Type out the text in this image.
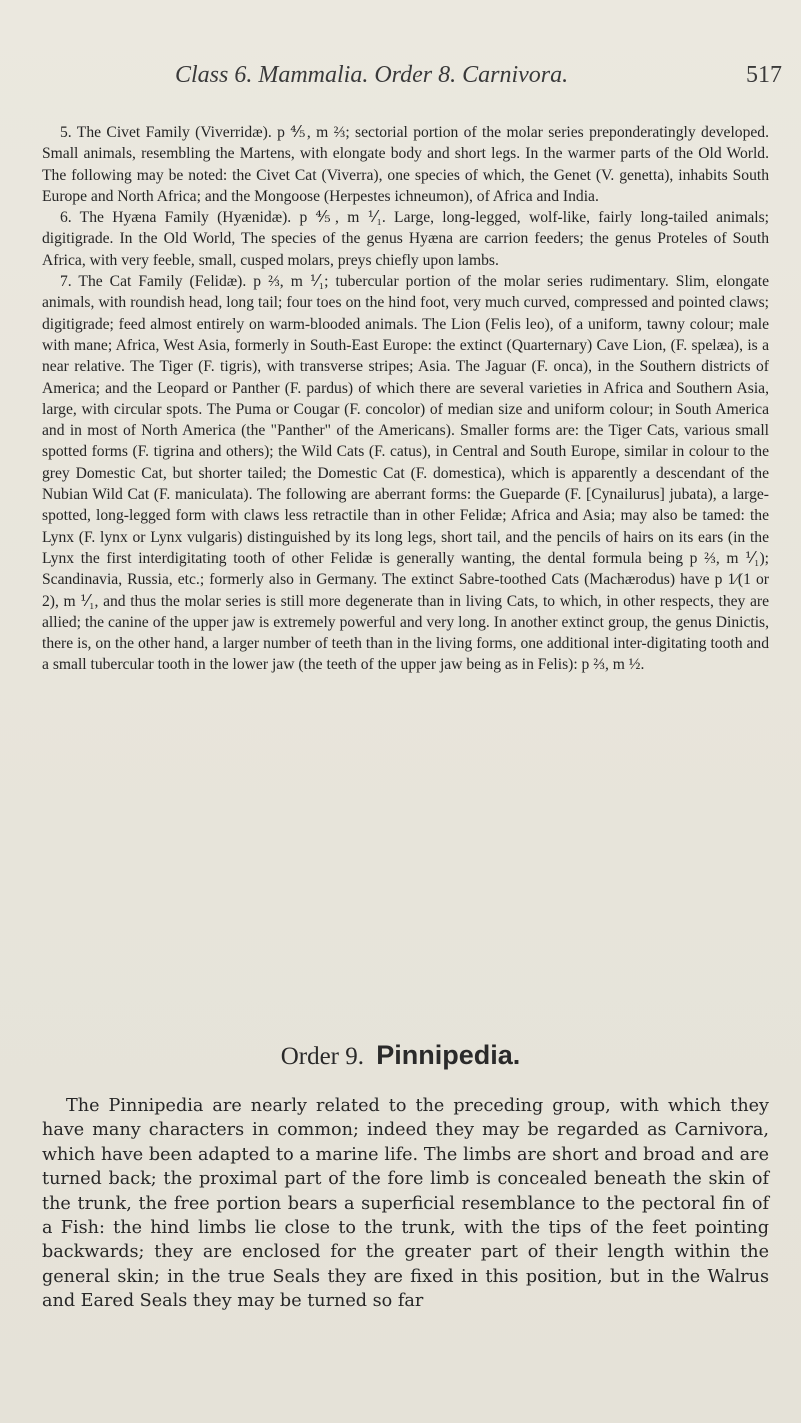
Class 6. Mammalia. Order 8. Carnivora.	517

5. The Civet Family (Viverridæ). p ⅘, m ⅔; sectorial portion of the molar series preponderatingly developed. Small animals, resembling the Martens, with elongate body and short legs. In the warmer parts of the Old World. The following may be noted: the Civet Cat (Viverra), one species of which, the Genet (V. genetta), inhabits South Europe and North Africa; and the Mongoose (Herpestes ichneumon), of Africa and India.

6. The Hyæna Family (Hyænidæ). p ⅘, m ⅟₁. Large, long-legged, wolf-like, fairly long-tailed animals; digitigrade. In the Old World, The species of the genus Hyæna are carrion feeders; the genus Proteles of South Africa, with very feeble, small, cusped molars, preys chiefly upon lambs.

7. The Cat Family (Felidæ). p ⅔, m ⅟₁; tubercular portion of the molar series rudimentary. Slim, elongate animals, with roundish head, long tail; four toes on the hind foot, very much curved, compressed and pointed claws; digitigrade; feed almost entirely on warm-blooded animals. The Lion (Felis leo), of a uniform, tawny colour; male with mane; Africa, West Asia, formerly in South-East Europe: the extinct (Quarternary) Cave Lion, (F. spelæa), is a near relative. The Tiger (F. tigris), with transverse stripes; Asia. The Jaguar (F. onca), in the Southern districts of America; and the Leopard or Panther (F. pardus) of which there are several varieties in Africa and Southern Asia, large, with circular spots. The Puma or Cougar (F. concolor) of median size and uniform colour; in South America and in most of North America (the "Panther" of the Americans). Smaller forms are: the Tiger Cats, various small spotted forms (F. tigrina and others); the Wild Cats (F. catus), in Central and South Europe, similar in colour to the grey Domestic Cat, but shorter tailed; the Domestic Cat (F. domestica), which is apparently a descendant of the Nubian Wild Cat (F. maniculata). The following are aberrant forms: the Gueparde (F. [Cynailurus] jubata), a large-spotted, long-legged form with claws less retractile than in other Felidæ; Africa and Asia; may also be tamed: the Lynx (F. lynx or Lynx vulgaris) distinguished by its long legs, short tail, and the pencils of hairs on its ears (in the Lynx the first interdigitating tooth of other Felidæ is generally wanting, the dental formula being p ⅔, m ⅟₁); Scandinavia, Russia, etc.; formerly also in Germany. The extinct Sabre-toothed Cats (Machærodus) have p 1⁄(1 or 2), m ⅟₁, and thus the molar series is still more degenerate than in living Cats, to which, in other respects, they are allied; the canine of the upper jaw is extremely powerful and very long. In another extinct group, the genus Dinictis, there is, on the other hand, a larger number of teeth than in the living forms, one additional inter-digitating tooth and a small tubercular tooth in the lower jaw (the teeth of the upper jaw being as in Felis): p ⅔, m ½.

Order 9. Pinnipedia.

The Pinnipedia are nearly related to the preceding group, with which they have many characters in common; indeed they may be regarded as Carnivora, which have been adapted to a marine life. The limbs are short and broad and are turned back; the proximal part of the fore limb is concealed beneath the skin of the trunk, the free portion bears a superficial resemblance to the pectoral fin of a Fish: the hind limbs lie close to the trunk, with the tips of the feet pointing backwards; they are enclosed for the greater part of their length within the general skin; in the true Seals they are fixed in this position, but in the Walrus and Eared Seals they may be turned so far
